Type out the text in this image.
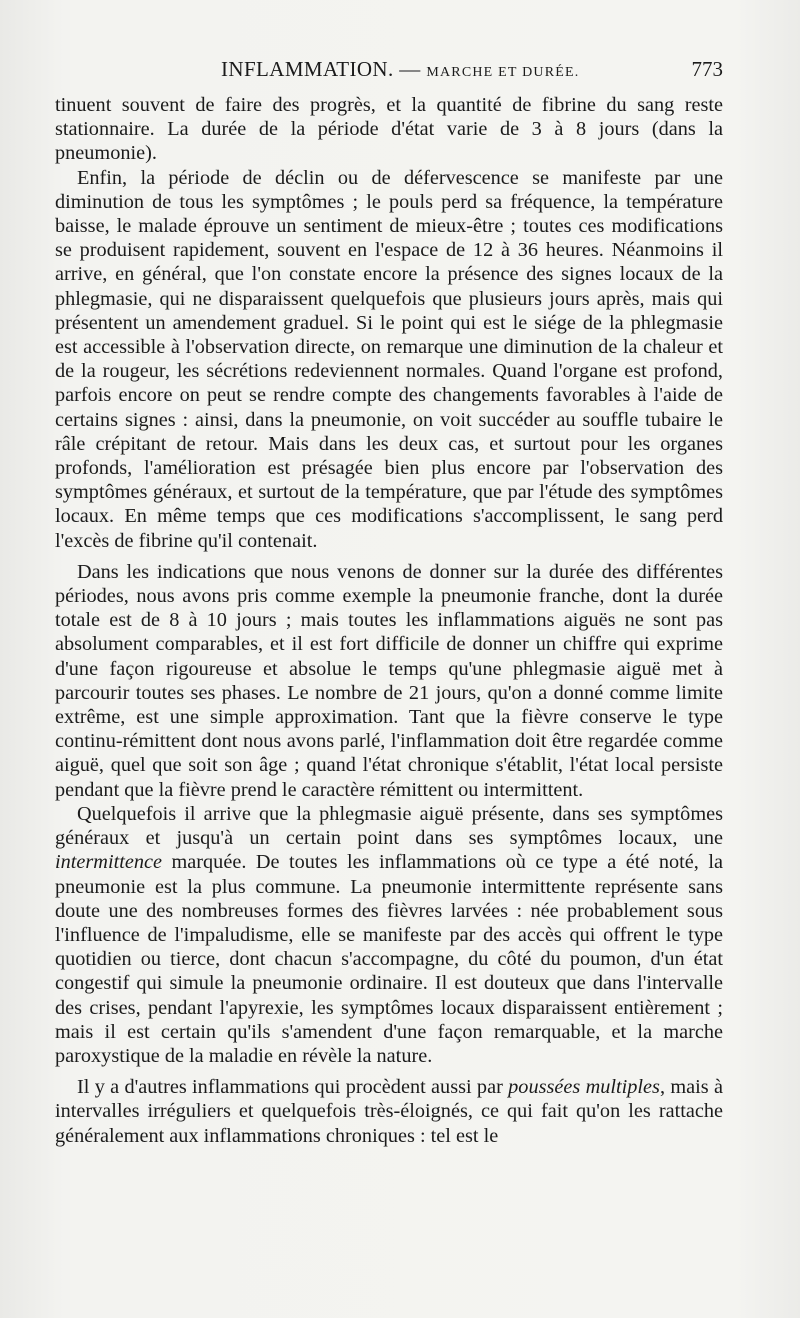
INFLAMMATION. — MARCHE ET DURÉE.	773

tinuent souvent de faire des progrès, et la quantité de fibrine du sang reste stationnaire. La durée de la période d'état varie de 3 à 8 jours (dans la pneumonie).

Enfin, la période de déclin ou de défervescence se manifeste par une diminution de tous les symptômes ; le pouls perd sa fréquence, la température baisse, le malade éprouve un sentiment de mieux-être ; toutes ces modifications se produisent rapidement, souvent en l'espace de 12 à 36 heures. Néanmoins il arrive, en général, que l'on constate encore la présence des signes locaux de la phlegmasie, qui ne disparaissent quelquefois que plusieurs jours après, mais qui présentent un amendement graduel. Si le point qui est le siége de la phlegmasie est accessible à l'observation directe, on remarque une diminution de la chaleur et de la rougeur, les sécrétions redeviennent normales. Quand l'organe est profond, parfois encore on peut se rendre compte des changements favorables à l'aide de certains signes : ainsi, dans la pneumonie, on voit succéder au souffle tubaire le râle crépitant de retour. Mais dans les deux cas, et surtout pour les organes profonds, l'amélioration est présagée bien plus encore par l'observation des symptômes généraux, et surtout de la température, que par l'étude des symptômes locaux. En même temps que ces modifications s'accomplissent, le sang perd l'excès de fibrine qu'il contenait.

Dans les indications que nous venons de donner sur la durée des différentes périodes, nous avons pris comme exemple la pneumonie franche, dont la durée totale est de 8 à 10 jours ; mais toutes les inflammations aiguës ne sont pas absolument comparables, et il est fort difficile de donner un chiffre qui exprime d'une façon rigoureuse et absolue le temps qu'une phlegmasie aiguë met à parcourir toutes ses phases. Le nombre de 21 jours, qu'on a donné comme limite extrême, est une simple approximation. Tant que la fièvre conserve le type continu-rémittent dont nous avons parlé, l'inflammation doit être regardée comme aiguë, quel que soit son âge ; quand l'état chronique s'établit, l'état local persiste pendant que la fièvre prend le caractère rémittent ou intermittent.

Quelquefois il arrive que la phlegmasie aiguë présente, dans ses symptômes généraux et jusqu'à un certain point dans ses symptômes locaux, une intermittence marquée. De toutes les inflammations où ce type a été noté, la pneumonie est la plus commune. La pneumonie intermittente représente sans doute une des nombreuses formes des fièvres larvées : née probablement sous l'influence de l'impaludisme, elle se manifeste par des accès qui offrent le type quotidien ou tierce, dont chacun s'accompagne, du côté du poumon, d'un état congestif qui simule la pneumonie ordinaire. Il est douteux que dans l'intervalle des crises, pendant l'apyrexie, les symptômes locaux disparaissent entièrement ; mais il est certain qu'ils s'amendent d'une façon remarquable, et la marche paroxystique de la maladie en révèle la nature.

Il y a d'autres inflammations qui procèdent aussi par poussées multiples, mais à intervalles irréguliers et quelquefois très-éloignés, ce qui fait qu'on les rattache généralement aux inflammations chroniques : tel est le
